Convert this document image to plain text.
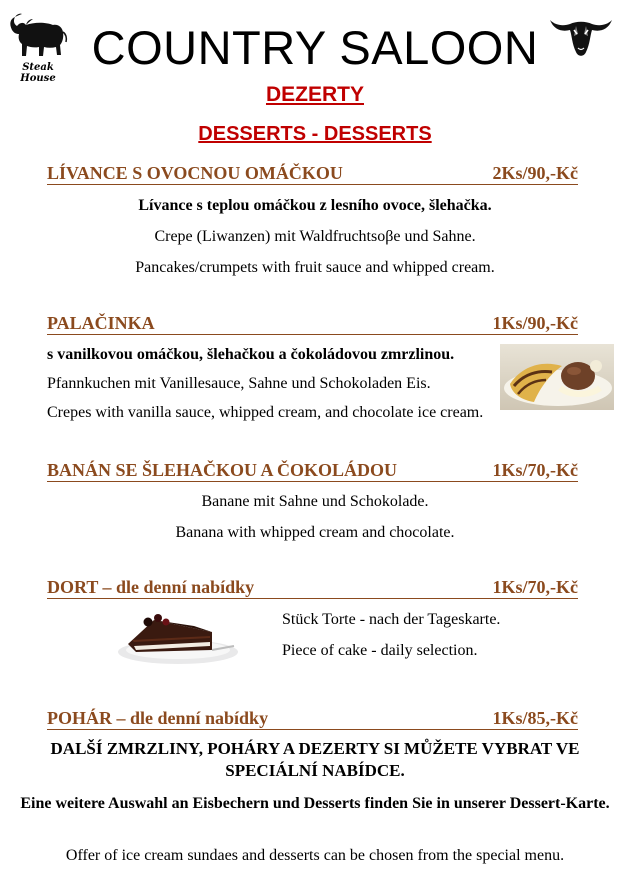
Steak House
COUNTRY SALOON
DEZERTY
DESSERTS - DESSERTS
LÍVANCE S OVOCNOU OMÁČKOU	2Ks/90,-Kč
Lívance s teplou omáčkou z lesního ovoce, šlehačka.
Crepe (Liwanzen) mit Waldfruchtsoβe und Sahne.
Pancakes/crumpets with fruit sauce and whipped cream.
PALAČINKA	1Ks/90,-Kč
s vanilkovou omáčkou, šlehačkou a čokoládovou zmrzlinou.
Pfannkuchen mit Vanillesauce, Sahne und Schokoladen Eis.
Crepes with vanilla sauce, whipped cream, and chocolate ice cream.
BANÁN SE ŠLEHAČKOU A ČOKOLÁDOU	1Ks/70,-Kč
Banane mit Sahne und Schokolade.
Banana with whipped cream and chocolate.
DORT – dle denní nabídky	1Ks/70,-Kč
Stück Torte - nach der Tageskarte.
Piece of cake - daily selection.
POHÁR – dle denní nabídky	1Ks/85,-Kč
DALŠÍ ZMRZLINY, POHÁRY A DEZERTY SI MŮŽETE VYBRAT VE SPECIÁLNÍ NABÍDCE.
Eine weitere Auswahl an Eisbechern und Desserts finden Sie in unserer Dessert-Karte.
Offer of ice cream sundaes and desserts can be chosen from the special menu.
